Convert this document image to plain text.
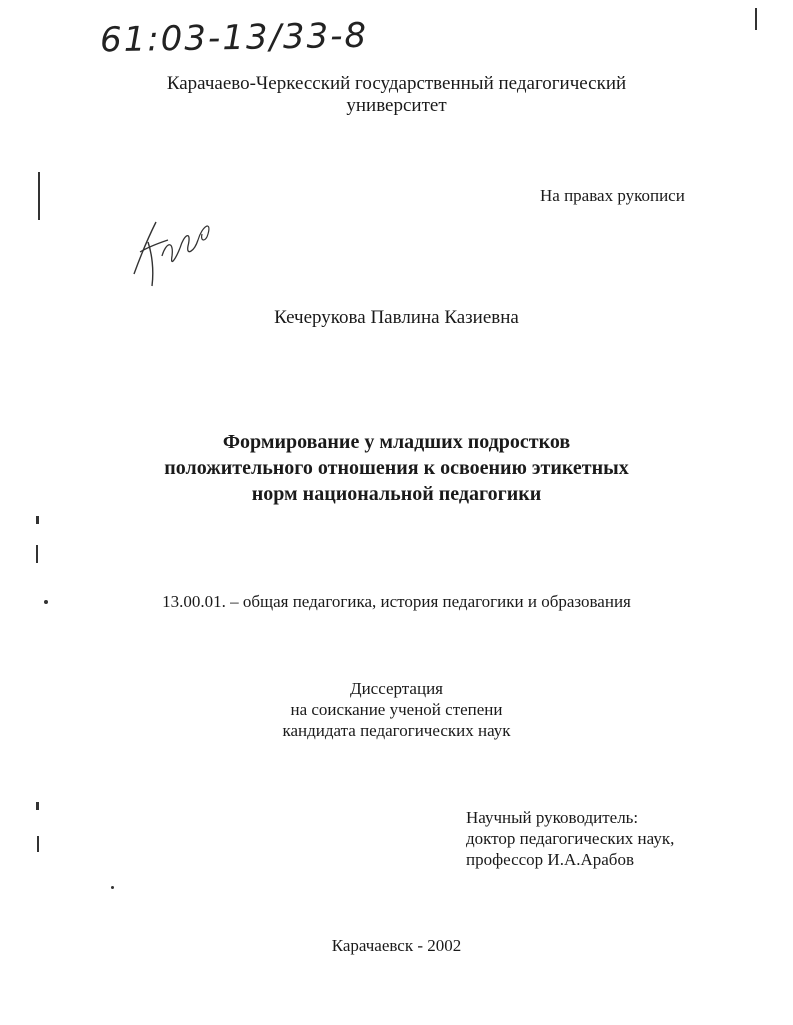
61:03-13/33-8
Карачаево-Черкесский государственный педагогический
университет
На правах рукописи
Кечерукова Павлина Казиевна
Формирование у младших подростков
положительного отношения к освоению этикетных
норм национальной педагогики
13.00.01. – общая педагогика, история педагогики и образования
Диссертация
на соискание ученой степени
кандидата педагогических наук
Научный руководитель:
доктор педагогических наук,
профессор И.А.Арабов
Карачаевск - 2002
